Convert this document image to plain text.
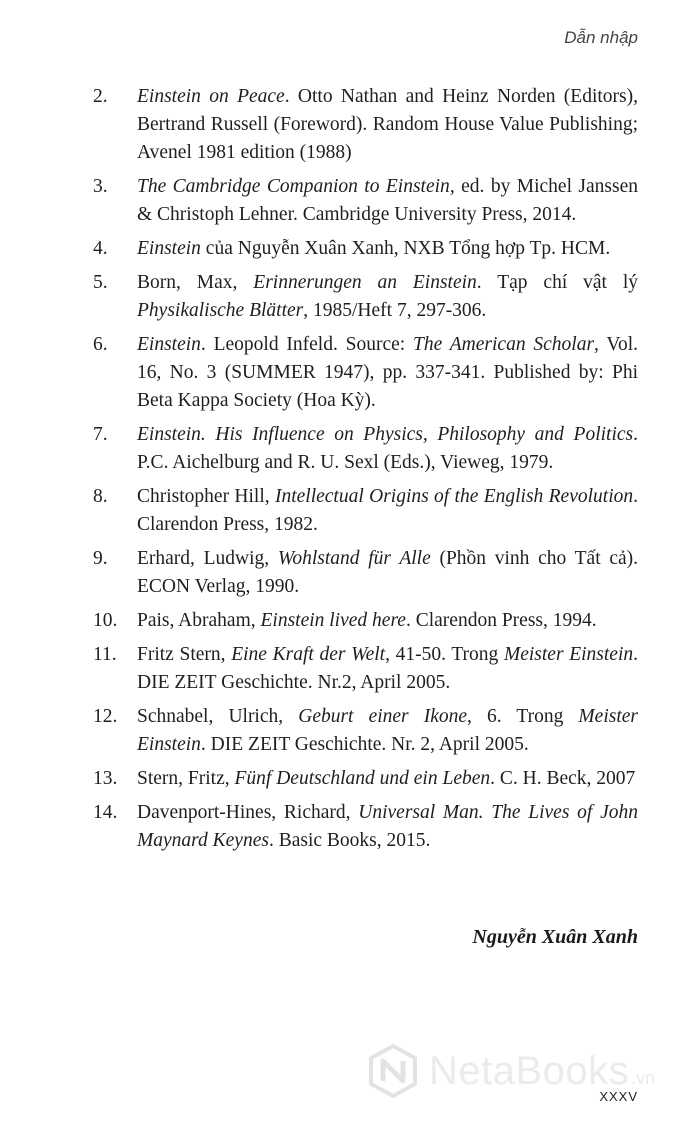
Dẫn nhập
2.	Einstein on Peace. Otto Nathan and Heinz Norden (Editors), Bertrand Russell (Foreword). Random House Value Publishing; Avenel 1981 edition (1988)
3.	The Cambridge Companion to Einstein, ed. by Michel Janssen & Christoph Lehner. Cambridge University Press, 2014.
4.	Einstein của Nguyễn Xuân Xanh, NXB Tổng hợp Tp. HCM.
5.	Born, Max, Erinnerungen an Einstein. Tạp chí vật lý Physikalische Blätter, 1985/Heft 7, 297-306.
6.	Einstein. Leopold Infeld. Source: The American Scholar, Vol. 16, No. 3 (SUMMER 1947), pp. 337-341. Published by: Phi Beta Kappa Society (Hoa Kỳ).
7.	Einstein. His Influence on Physics, Philosophy and Politics. P.C. Aichelburg and R. U. Sexl (Eds.), Vieweg, 1979.
8.	Christopher Hill, Intellectual Origins of the English Revolution. Clarendon Press, 1982.
9.	Erhard, Ludwig, Wohlstand für Alle (Phồn vinh cho Tất cả). ECON Verlag, 1990.
10.	Pais, Abraham, Einstein lived here. Clarendon Press, 1994.
11.	Fritz Stern, Eine Kraft der Welt, 41-50. Trong Meister Einstein. DIE ZEIT Geschichte. Nr.2, April 2005.
12.	Schnabel, Ulrich, Geburt einer Ikone, 6. Trong Meister Einstein. DIE ZEIT Geschichte. Nr. 2, April 2005.
13.	Stern, Fritz, Fünf Deutschland und ein Leben. C. H. Beck, 2007
14.	Davenport-Hines, Richard, Universal Man. The Lives of John Maynard Keynes. Basic Books, 2015.
Nguyễn Xuân Xanh
NetaBooks .vn
XXXV
